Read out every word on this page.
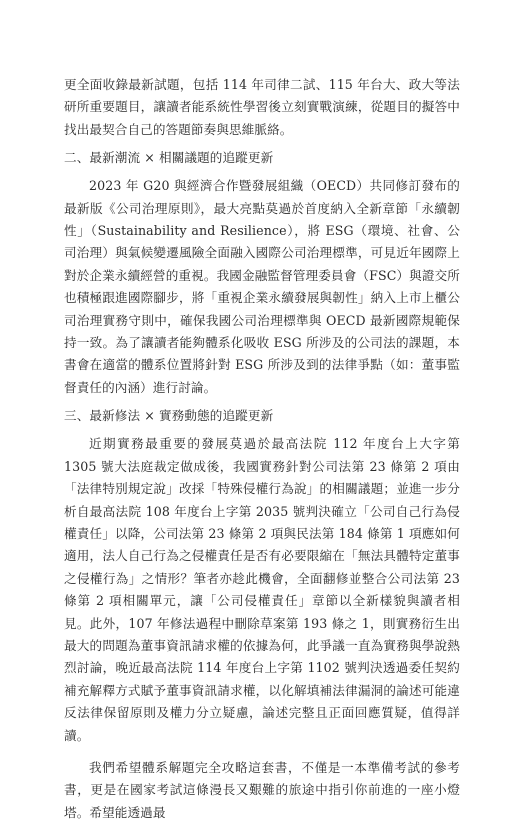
更全面收錄最新試題，包括 114 年司律二試、115 年台大、政大等法研所重要題目，讓讀者能系統性學習後立刻實戰演練，從題目的擬答中找出最契合自己的答題節奏與思維脈絡。

二、最新潮流 × 相關議題的追蹤更新

2023 年 G20 與經濟合作暨發展組織（OECD）共同修訂發布的最新版《公司治理原則》，最大亮點莫過於首度納入全新章節「永續韌性」（Sustainability and Resilience），將 ESG（環境、社會、公司治理）與氣候變遷風險全面融入國際公司治理標準，可見近年國際上對於企業永續經營的重視。我國金融監督管理委員會（FSC）與證交所也積極跟進國際腳步，將「重視企業永續發展與韌性」納入上市上櫃公司治理實務守則中，確保我國公司治理標準與 OECD 最新國際規範保持一致。為了讓讀者能夠體系化吸收 ESG 所涉及的公司法的課題，本書會在適當的體系位置將針對 ESG 所涉及到的法律爭點（如：董事監督責任的內涵）進行討論。

三、最新修法 × 實務動態的追蹤更新

近期實務最重要的發展莫過於最高法院 112 年度台上大字第 1305 號大法庭裁定做成後，我國實務針對公司法第 23 條第 2 項由「法律特別規定說」改採「特殊侵權行為說」的相關議題；並進一步分析自最高法院 108 年度台上字第 2035 號判決確立「公司自己行為侵權責任」以降，公司法第 23 條第 2 項與民法第 184 條第 1 項應如何適用，法人自己行為之侵權責任是否有必要限縮在「無法具體特定董事之侵權行為」之情形？筆者亦趁此機會，全面翻修並整合公司法第 23 條第 2 項相關單元，讓「公司侵權責任」章節以全新樣貌與讀者相見。此外，107 年修法過程中刪除草案第 193 條之 1，則實務衍生出最大的問題為董事資訊請求權的依據為何，此爭議一直為實務與學說熱烈討論，晚近最高法院 114 年度台上字第 1102 號判決透過委任契約補充解釋方式賦予董事資訊請求權，以化解填補法律漏洞的論述可能違反法律保留原則及權力分立疑慮，論述完整且正面回應質疑，值得詳讀。

我們希望體系解題完全攻略這套書，不僅是一本準備考試的參考書，更是在國家考試這條漫長又艱難的旅途中指引你前進的一座小燈塔。希望能透過最
